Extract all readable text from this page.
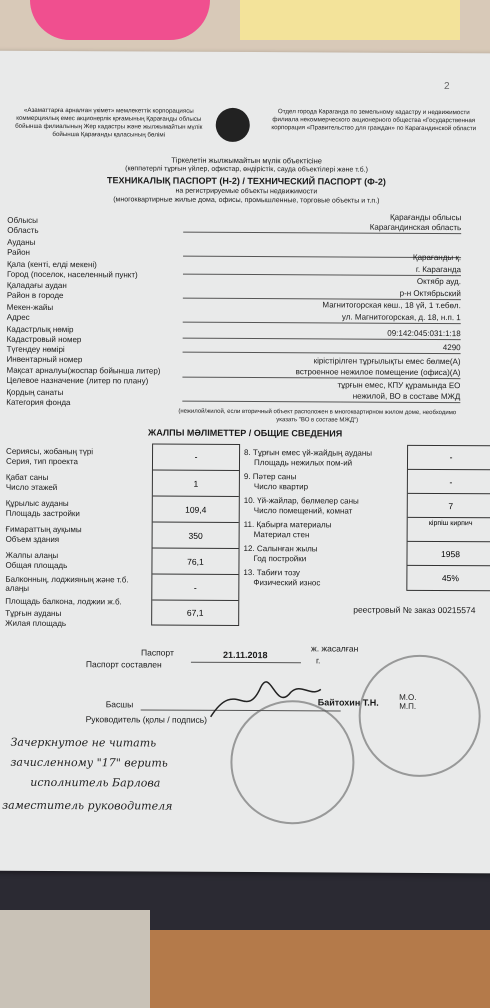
2
«Азаматтарға арналған үкімет» мемлекеттік корпорациясы коммерциялық емес акционерлік қоғамының Қарағанды облысы бойынша филиалының Жер кадастры және жылжымайтын мүлік бойынша Қарағанды қаласының бөлімі
Отдел города Караганда по земельному кадастру и недвижимости филиала некоммерческого акционерного общества «Государственная корпорация «Правительство для граждан» по Карагандинской области
Тіркелетін жылжымайтын мүлік объектісіне
(көппәтерлі тұрғын үйлер, офистар, өндірістік, сауда объектілері және т.б.)
ТЕХНИКАЛЫҚ ПАСПОРТ (Н-2) / ТЕХНИЧЕСКИЙ ПАСПОРТ (Ф-2)
на регистрируемые объекты недвижимости
(многоквартирные жилые дома, офисы, промышленные, торговые объекты и т.п.)
Облысы
Область
Қарағанды облысы
Карагандинская область
Ауданы
Район
Қала (кенті, елді мекені)
Город (поселок, населенный пункт)
Қарағанды қ.
г. Караганда
Қаладағы аудан
Район в городе
Октябр ауд.
р-н Октябрьский
Мекен-жайы
Адрес
Магнитогорская көш., 18 үй, 1 т.ебөл.
ул. Магнитогорская, д. 18, н.п. 1
Кадастрлық нөмір
Кадастровый номер
09:142:045:031:1:18
Түгендеу нөмірі
Инвентарный номер
4290
Мақсат арналуы(жоспар бойынша литер)
Целевое назначение (литер по плану)
кірістірілген тұрғылықты емес бөлме(А)
встроенное нежилое помещение (офиса)(А)
Қордың санаты
Категория фонда
тұрғын емес, КПУ құрамында ЕО
нежилой, ВО в составе МЖД
(нежилой/жилой, если вторичный объект расположен в многоквартирном жилом доме, необходимо указать "ВО в составе МЖД")
ЖАЛПЫ МӘЛІМЕТТЕР / ОБЩИЕ СВЕДЕНИЯ
-
1
109,4
350
76,1
-
67,1
Сериясы, жобаның түрі
Серия, тип проекта
Қабат саны
Число этажей
Құрылыс ауданы
Площадь застройки
Ғимараттың ауқымы
Объем здания
Жалпы алаңы
Общая площадь
Балконның, лоджияның және т.б. алаңы
Площадь балкона, лоджии ж.б.
Тұрғын ауданы
Жилая площадь
8. Тұрғын емес үй-жайдың ауданы
Площадь нежилых пом-ий
9. Пәтер саны
Число квартир
10. Үй-жайлар, бөлмелер саны
Число помещений, комнат
11. Қабырға материалы
Материал стен
12. Салынған жылы
Год постройки
13. Табиғи тозу
Физический износ
-
-
7
кірпіш кирпич
1958
45%
реестровый № заказ 00215574
Паспорт
Паспорт составлен
21.11.2018
ж. жасалған
г.
Басшы
Руководитель (қолы / подпись)
Байтохин Т.Н.
М.О. М.П.
Зачеркнутое не читать
зачисленному "17" верить
исполнитель Барлова
заместитель руководителя
